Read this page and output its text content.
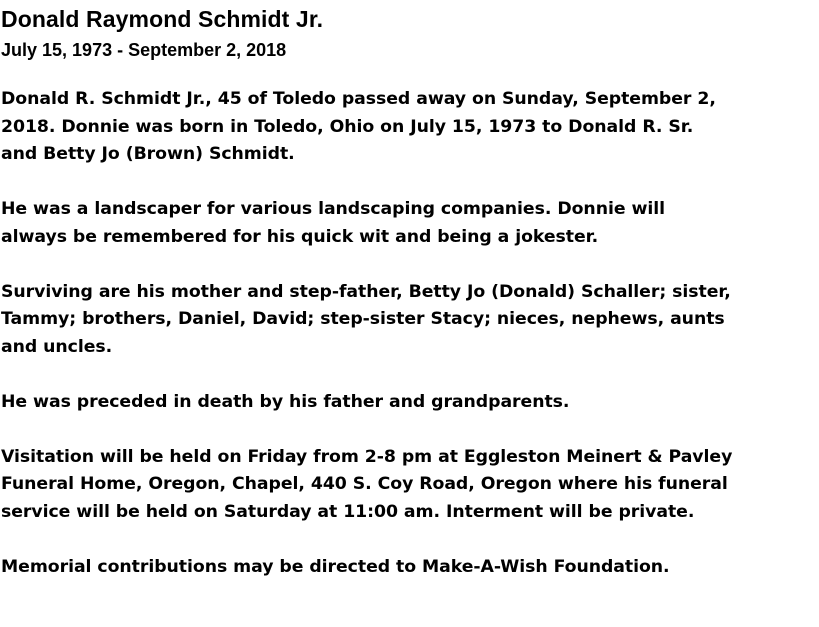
Donald Raymond Schmidt Jr.
July 15, 1973 - September 2, 2018

Donald R. Schmidt Jr., 45 of Toledo passed away on Sunday, September 2,
2018. Donnie was born in Toledo, Ohio on July 15, 1973 to Donald R. Sr.
and Betty Jo (Brown) Schmidt.

He was a landscaper for various landscaping companies. Donnie will
always be remembered for his quick wit and being a jokester.

Surviving are his mother and step-father, Betty Jo (Donald) Schaller; sister,
Tammy; brothers, Daniel, David; step-sister Stacy; nieces, nephews, aunts
and uncles.

He was preceded in death by his father and grandparents.

Visitation will be held on Friday from 2-8 pm at Eggleston Meinert & Pavley
Funeral Home, Oregon, Chapel, 440 S. Coy Road, Oregon where his funeral
service will be held on Saturday at 11:00 am. Interment will be private.

Memorial contributions may be directed to Make-A-Wish Foundation.
